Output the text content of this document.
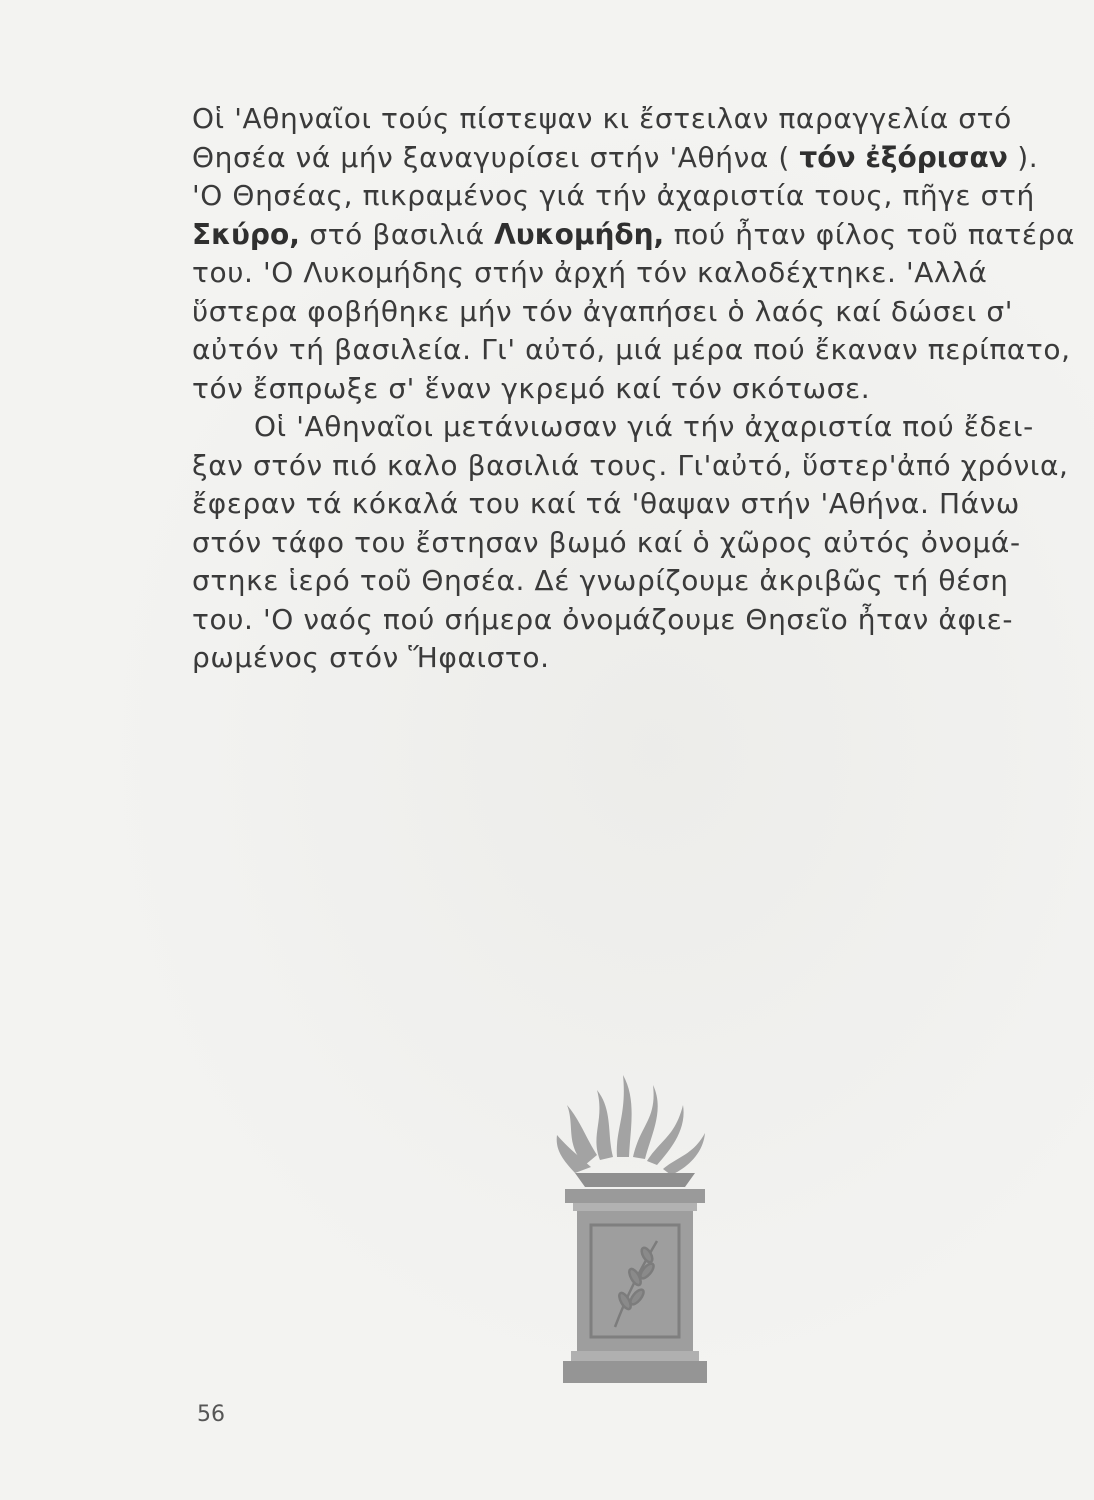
Οἱ 'Αθηναῖοι τούς πίστεψαν κι ἔστειλαν παραγγελία στό

Θησέα νά μήν ξαναγυρίσει στήν 'Αθήνα ( τόν ἐξόρισαν ).

'Ο Θησέας, πικραμένος γιά τήν ἀχαριστία τους, πῆγε στή

Σκύρο, στό βασιλιά Λυκομήδη, πού ἦταν φίλος τοῦ πατέρα

του. 'Ο Λυκομήδης στήν ἀρχή τόν καλοδέχτηκε. 'Αλλά

ὕστερα φοβήθηκε μήν τόν ἀγαπήσει ὁ λαός καί δώσει σ'

αὐτόν τή βασιλεία. Γι' αὐτό, μιά μέρα πού ἔκαναν περίπατο,

τόν ἔσπρωξε σ' ἕναν γκρεμό καί τόν σκότωσε.

Οἱ 'Αθηναῖοι μετάνιωσαν γιά τήν ἀχαριστία πού ἔδει-

ξαν στόν πιό καλο βασιλιά τους. Γι'αὐτό, ὕστερ'ἀπό χρόνια,

ἔφεραν τά κόκαλά του καί τά 'θαψαν στήν 'Αθήνα. Πάνω

στόν τάφο του ἔστησαν βωμό καί ὁ χῶρος αὐτός ὀνομά-

στηκε ἱερό τοῦ Θησέα. Δέ γνωρίζουμε ἀκριβῶς τή θέση

του. 'Ο ναός πού σήμερα ὀνομάζουμε Θησεῖο ἦταν ἀφιε-

ρωμένος στόν Ἥφαιστο.

56
